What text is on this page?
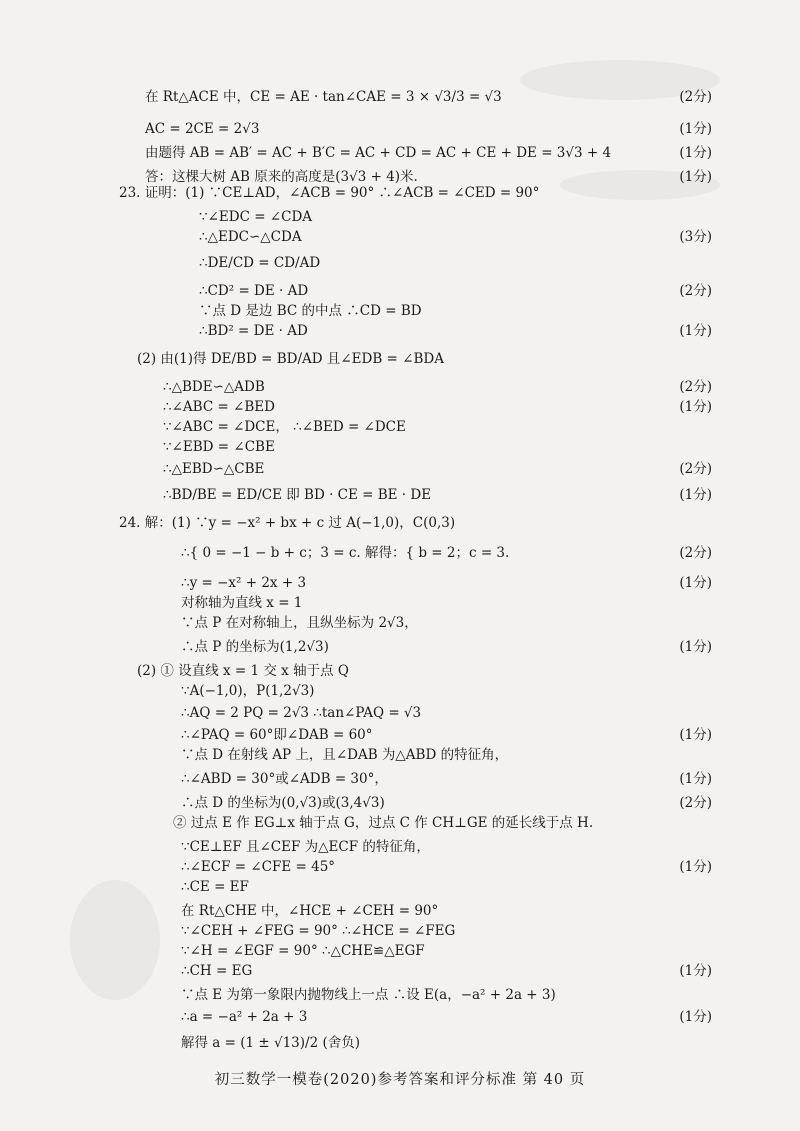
在 Rt△ACE 中，CE = AE · tan∠CAE = 3 × √3/3 = √3	(2分)
AC = 2CE = 2√3	(1分)
由题得 AB = AB′ = AC + B′C = AC + CD = AC + CE + DE = 3√3 + 4	(1分)
答：这棵大树 AB 原来的高度是(3√3 + 4)米.	(1分)
23. 证明：(1) ∵CE⊥AD，∠ACB = 90° ∴∠ACB = ∠CED = 90°
∵∠EDC = ∠CDA
∴△EDC∽△CDA	(3分)
∴DE/CD = CD/AD
∴CD² = DE · AD	(2分)
∵点 D 是边 BC 的中点 ∴CD = BD
∴BD² = DE · AD	(1分)
(2) 由(1)得 DE/BD = BD/AD 且∠EDB = ∠BDA
∴△BDE∽△ADB	(2分)
∴∠ABC = ∠BED	(1分)
∵∠ABC = ∠DCE， ∴∠BED = ∠DCE
∵∠EBD = ∠CBE
∴△EBD∽△CBE	(2分)
∴BD/BE = ED/CE 即 BD · CE = BE · DE	(1分)
24. 解：(1) ∵y = −x² + bx + c 过 A(−1,0)，C(0,3)
∴{ 0 = −1 − b + c；3 = c. 解得：{ b = 2；c = 3.	(2分)
∴y = −x² + 2x + 3	(1分)
对称轴为直线 x = 1
∵点 P 在对称轴上，且纵坐标为 2√3，
∴点 P 的坐标为(1,2√3)	(1分)
(2) ① 设直线 x = 1 交 x 轴于点 Q
∵A(−1,0)，P(1,2√3)
∴AQ = 2 PQ = 2√3 ∴tan∠PAQ = √3
∴∠PAQ = 60°即∠DAB = 60°	(1分)
∵点 D 在射线 AP 上，且∠DAB 为△ABD 的特征角，
∴∠ABD = 30°或∠ADB = 30°，	(1分)
∴点 D 的坐标为(0,√3)或(3,4√3)	(2分)
② 过点 E 作 EG⊥x 轴于点 G，过点 C 作 CH⊥GE 的延长线于点 H.
∵CE⊥EF 且∠CEF 为△ECF 的特征角，
∴∠ECF = ∠CFE = 45°	(1分)
∴CE = EF
在 Rt△CHE 中，∠HCE + ∠CEH = 90°
∵∠CEH + ∠FEG = 90° ∴∠HCE = ∠FEG
∵∠H = ∠EGF = 90° ∴△CHE≌△EGF
∴CH = EG	(1分)
∵点 E 为第一象限内抛物线上一点 ∴设 E(a，−a² + 2a + 3)
∴a = −a² + 2a + 3	(1分)
解得 a = (1 ± √13)/2 (舍负)
初三数学一模卷(2020)参考答案和评分标准 第 40 页
